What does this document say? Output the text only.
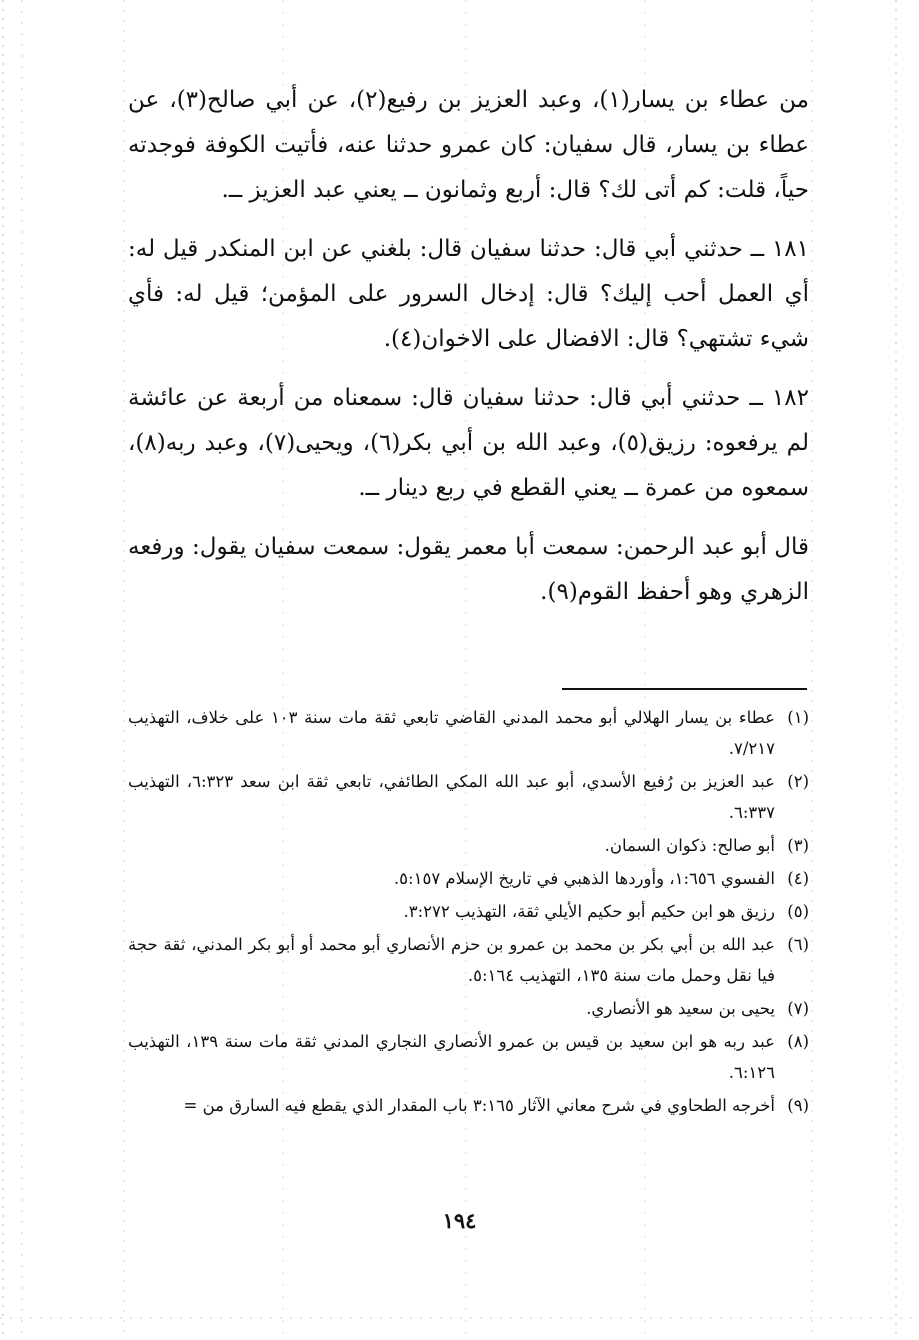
من عطاء بن يسار(١)، وعبد العزيز بن رفيع(٢)، عن أبي صالح(٣)، عن عطاء بن يسار، قال سفيان: كان عمرو حدثنا عنه، فأتيت الكوفة فوجدته حياً، قلت: كم أتى لك؟ قال: أربع وثمانون ــ يعني عبد العزيز ــ.

١٨١ ــ حدثني أبي قال: حدثنا سفيان قال: بلغني عن ابن المنكدر قيل له: أي العمل أحب إليك؟ قال: إدخال السرور على المؤمن؛ قيل له: فأي شيء تشتهي؟ قال: الافضال على الاخوان(٤).

١٨٢ ــ حدثني أبي قال: حدثنا سفيان قال: سمعناه من أربعة عن عائشة لم يرفعوه: رزيق(٥)، وعبد الله بن أبي بكر(٦)، ويحيى(٧)، وعبد ربه(٨)، سمعوه من عمرة ــ يعني القطع في ربع دينار ــ.

قال أبو عبد الرحمن: سمعت أبا معمر يقول: سمعت سفيان يقول: ورفعه الزهري وهو أحفظ القوم(٩).

(١)
عطاء بن يسار الهلالي أبو محمد المدني القاضي تابعي ثقة مات سنة ١٠٣ على خلاف، التهذيب ٧/٢١٧.
(٢)
عبد العزيز بن رُفيع الأسدي، أبو عبد الله المكي الطائفي، تابعي ثقة ابن سعد ٦:٣٢٣، التهذيب ٦:٣٣٧.
(٣)
أبو صالح: ذكوان السمان.
(٤)
الفسوي ١:٦٥٦، وأوردها الذهبي في تاريخ الإسلام ٥:١٥٧.
(٥)
رزيق هو ابن حكيم أبو حكيم الأيلي ثقة، التهذيب ٣:٢٧٢.
(٦)
عبد الله بن أبي بكر بن محمد بن عمرو بن حزم الأنصاري أبو محمد أو أبو بكر المدني، ثقة حجة فيا نقل وحمل مات سنة ١٣٥، التهذيب ٥:١٦٤.
(٧)
يحيى بن سعيد هو الأنصاري.
(٨)
عبد ربه هو ابن سعيد بن قيس بن عمرو الأنصاري النجاري المدني ثقة مات سنة ١٣٩، التهذيب ٦:١٢٦.
(٩)
أخرجه الطحاوي في شرح معاني الآثار ٣:١٦٥ باب المقدار الذي يقطع فيه السارق من =
١٩٤
